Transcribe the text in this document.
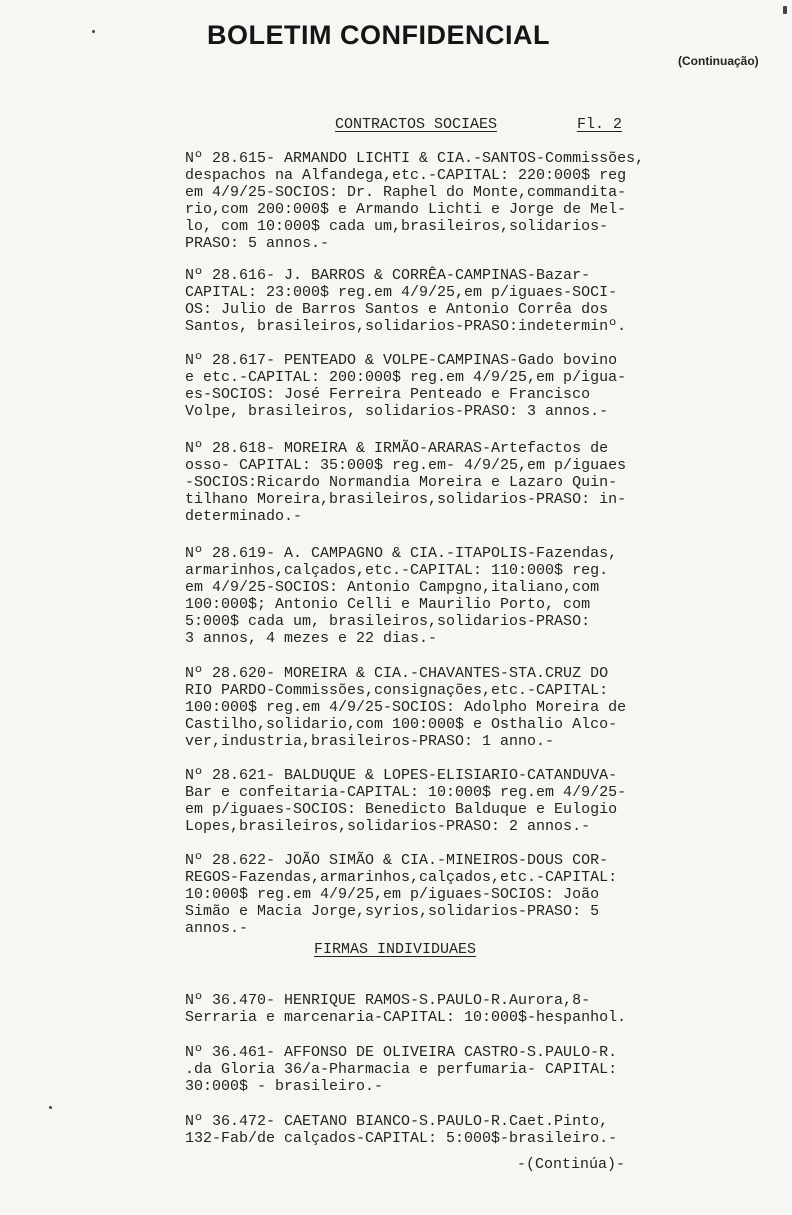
BOLETIM CONFIDENCIAL
(Continuação)
CONTRACTOS SOCIAES	Fl. 2
Nº 28.615- ARMANDO LICHTI & CIA.-SANTOS-Commissões,
despachos na Alfandega,etc.-CAPITAL: 220:000$ reg
em 4/9/25-SOCIOS: Dr. Raphel do Monte,commandita-
rio,com 200:000$ e Armando Lichti e Jorge de Mel-
lo, com 10:000$ cada um,brasileiros,solidarios-
PRASO: 5 annos.-
Nº 28.616- J. BARROS & CORRÊA-CAMPINAS-Bazar-
CAPITAL: 23:000$ reg.em 4/9/25,em p/iguaes-SOCI-
OS: Julio de Barros Santos e Antonio Corrêa dos
Santos, brasileiros,solidarios-PRASO:indeterminº.
Nº 28.617- PENTEADO & VOLPE-CAMPINAS-Gado bovino
e etc.-CAPITAL: 200:000$ reg.em 4/9/25,em p/igua-
es-SOCIOS: José Ferreira Penteado e Francisco
Volpe, brasileiros, solidarios-PRASO: 3 annos.-
Nº 28.618- MOREIRA & IRMÃO-ARARAS-Artefactos de
osso- CAPITAL: 35:000$ reg.em- 4/9/25,em p/iguaes
-SOCIOS:Ricardo Normandia Moreira e Lazaro Quin-
tilhano Moreira,brasileiros,solidarios-PRASO: in-
determinado.-
Nº 28.619- A. CAMPAGNO & CIA.-ITAPOLIS-Fazendas,
armarinhos,calçados,etc.-CAPITAL: 110:000$ reg.
em 4/9/25-SOCIOS: Antonio Campgno,italiano,com
100:000$; Antonio Celli e Maurilio Porto, com
5:000$ cada um, brasileiros,solidarios-PRASO:
3 annos, 4 mezes e 22 dias.-
Nº 28.620- MOREIRA & CIA.-CHAVANTES-STA.CRUZ DO
RIO PARDO-Commissões,consignações,etc.-CAPITAL:
100:000$ reg.em 4/9/25-SOCIOS: Adolpho Moreira de
Castilho,solidario,com 100:000$ e Osthalio Alco-
ver,industria,brasileiros-PRASO: 1 anno.-
Nº 28.621- BALDUQUE & LOPES-ELISIARIO-CATANDUVA-
Bar e confeitaria-CAPITAL: 10:000$ reg.em 4/9/25-
em p/iguaes-SOCIOS: Benedicto Balduque e Eulogio
Lopes,brasileiros,solidarios-PRASO: 2 annos.-
Nº 28.622- JOÃO SIMÃO & CIA.-MINEIROS-DOUS COR-
REGOS-Fazendas,armarinhos,calçados,etc.-CAPITAL:
10:000$ reg.em 4/9/25,em p/iguaes-SOCIOS: João
Simão e Macia Jorge,syrios,solidarios-PRASO: 5
annos.-
FIRMAS INDIVIDUAES
Nº 36.470- HENRIQUE RAMOS-S.PAULO-R.Aurora,8-
Serraria e marcenaria-CAPITAL: 10:000$-hespanhol.
Nº 36.461- AFFONSO DE OLIVEIRA CASTRO-S.PAULO-R.
.da Gloria 36/a-Pharmacia e perfumaria- CAPITAL:
30:000$ - brasileiro.-
Nº 36.472- CAETANO BIANCO-S.PAULO-R.Caet.Pinto,
132-Fab/de calçados-CAPITAL: 5:000$-brasileiro.-
-(Continúa)-
